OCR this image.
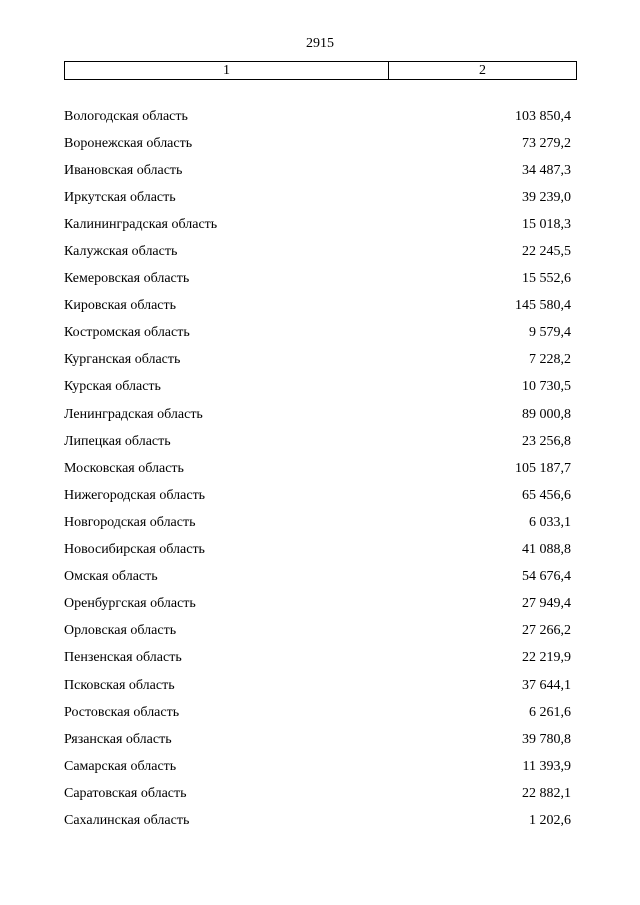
2915
1	2
Вологодская область	103 850,4
Воронежская область	73 279,2
Ивановская область	34 487,3
Иркутская область	39 239,0
Калининградская область	15 018,3
Калужская область	22 245,5
Кемеровская область	15 552,6
Кировская область	145 580,4
Костромская область	9 579,4
Курганская область	7 228,2
Курская область	10 730,5
Ленинградская область	89 000,8
Липецкая область	23 256,8
Московская область	105 187,7
Нижегородская область	65 456,6
Новгородская область	6 033,1
Новосибирская область	41 088,8
Омская область	54 676,4
Оренбургская область	27 949,4
Орловская область	27 266,2
Пензенская область	22 219,9
Псковская область	37 644,1
Ростовская область	6 261,6
Рязанская область	39 780,8
Самарская область	11 393,9
Саратовская область	22 882,1
Сахалинская область	1 202,6
